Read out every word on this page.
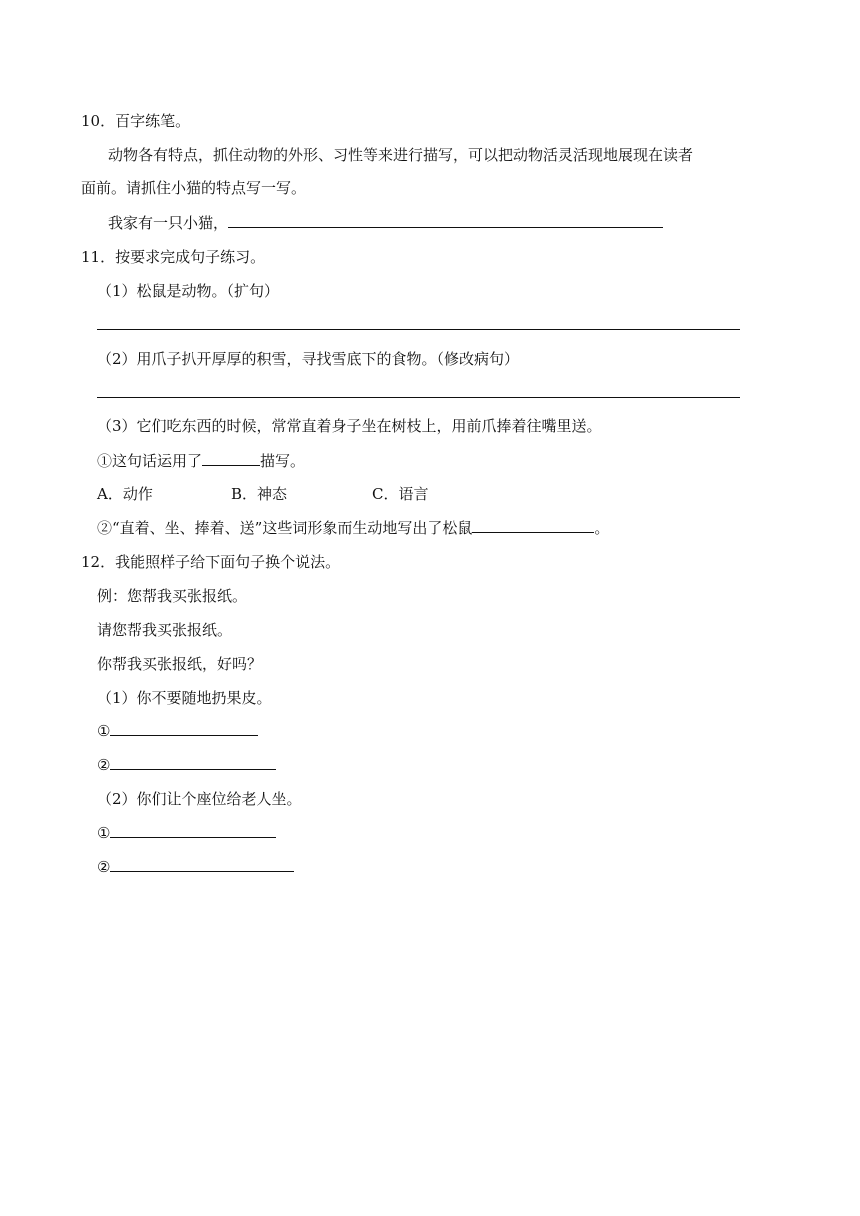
10．百字练笔。
动物各有特点，抓住动物的外形、习性等来进行描写，可以把动物活灵活现地展现在读者
面前。请抓住小猫的特点写一写。
我家有一只小猫，
11．按要求完成句子练习。
（1）松鼠是动物。（扩句）
（2）用爪子扒开厚厚的积雪，寻找雪底下的食物。（修改病句）
（3）它们吃东西的时候，常常直着身子坐在树枝上，用前爪捧着往嘴里送。
①这句话运用了	描写。
A．动作	B．神态	C．语言
②“直着、坐、捧着、送”这些词形象而生动地写出了松鼠	。
12．我能照样子给下面句子换个说法。
例：您帮我买张报纸。
请您帮我买张报纸。
你帮我买张报纸，好吗？
（1）你不要随地扔果皮。
①
②
（2）你们让个座位给老人坐。
①
②
